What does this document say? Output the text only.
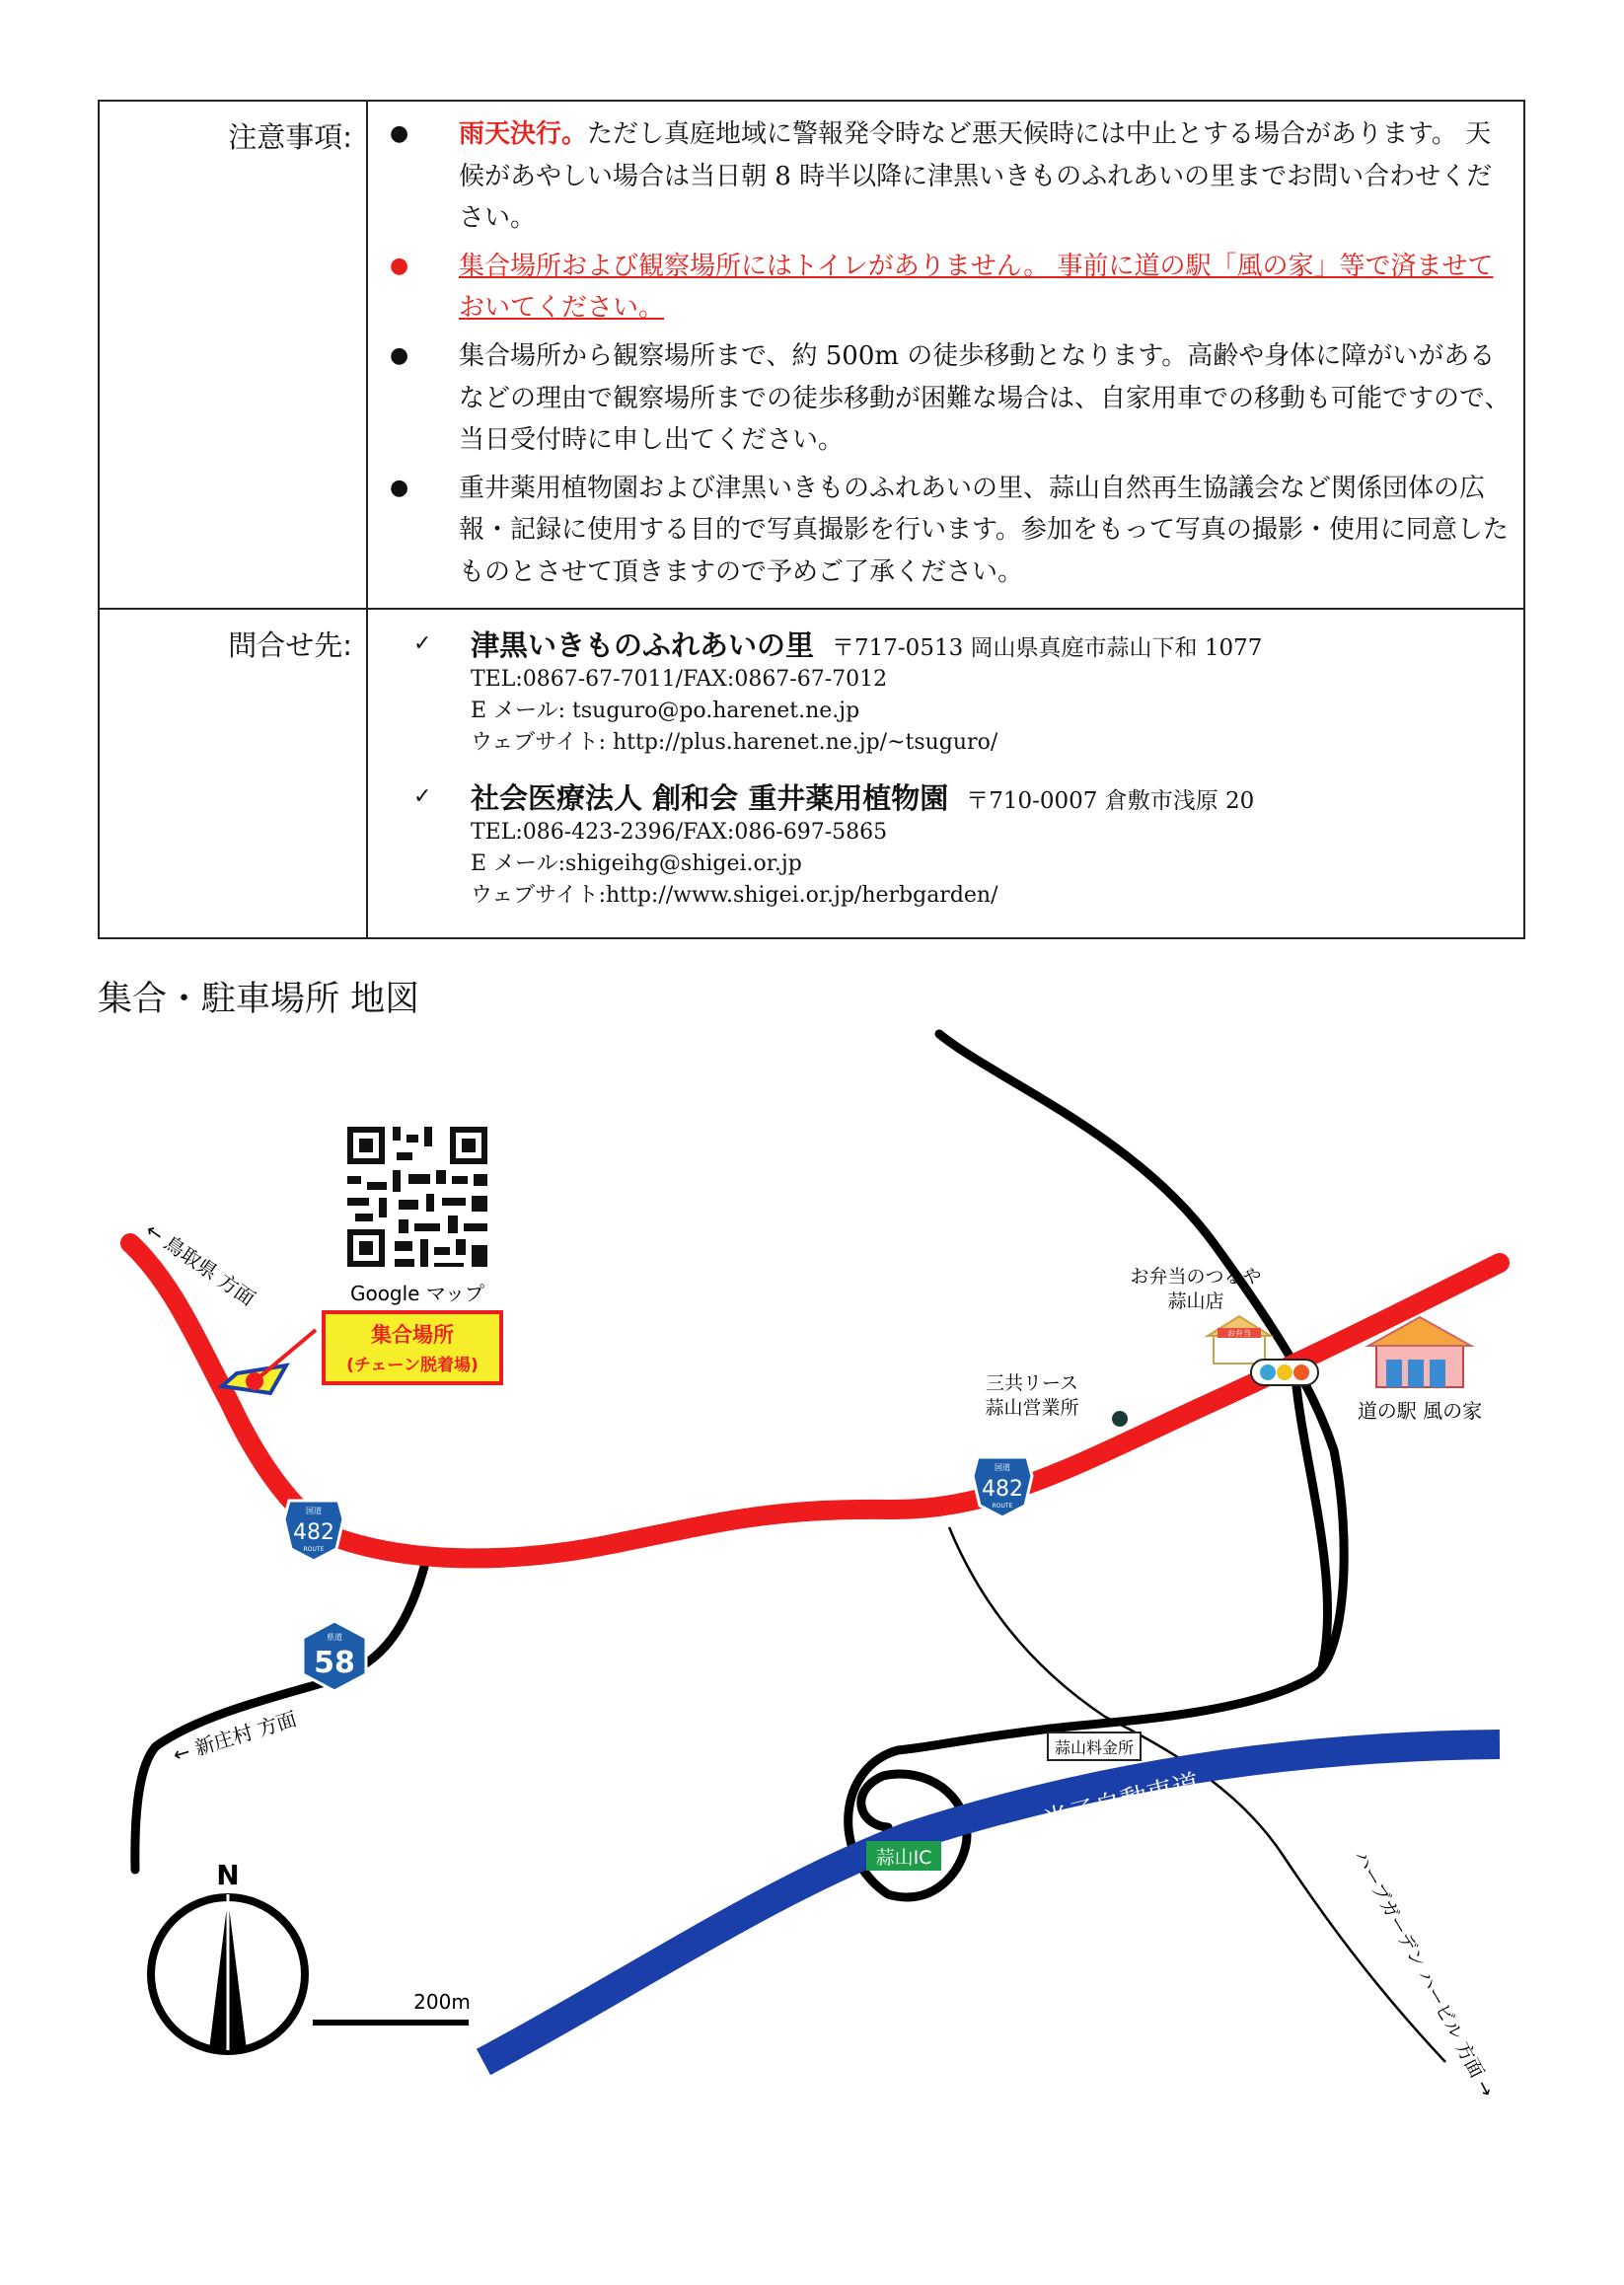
注意事項:	●	雨天決行。ただし真庭地域に警報発令時など悪天候時には中止とする場合があります。 天候があやしい場合は当日朝 8 時半以降に津黒いきものふれあいの里までお問い合わせください。
●	集合場所および観察場所にはトイレがありません。 事前に道の駅「風の家」等で済ませておいてください。
●	集合場所から観察場所まで、約 500m の徒歩移動となります。高齢や身体に障がいがあるなどの理由で観察場所までの徒歩移動が困難な場合は、自家用車での移動も可能ですので、当日受付時に申し出てください。
●	重井薬用植物園および津黒いきものふれあいの里、蒜山自然再生協議会など関係団体の広報・記録に使用する目的で写真撮影を行います。参加をもって写真の撮影・使用に同意したものとさせて頂きますので予めご了承ください。
問合せ先:	✓	津黒いきものふれあいの里 〒717-0513 岡山県真庭市蒜山下和 1077
TEL:0867-67-7011/FAX:0867-67-7012
E メール: tsuguro@po.harenet.ne.jp
ウェブサイト: http://plus.harenet.ne.jp/~tsuguro/
✓	社会医療法人 創和会 重井薬用植物園 〒710-0007 倉敷市浅原 20
TEL:086-423-2396/FAX:086-697-5865
E メール:shigeihg@shigei.or.jp
ウェブサイト:http://www.shigei.or.jp/herbgarden/
集合・駐車場所 地図
集合場所
(チェーン脱着場)
Google マップ
← 鳥取県 方面
← 新庄村 方面
ハーブガーデン ハービル 方面 →
国道
482
ROUTE
国道
482
ROUTE
県道
58
お弁当のつるや
蒜山店
お弁当
三共リース
蒜山営業所	道の駅 風の家
蒜山料金所
米子自動車道
蒜山IC
N
200m
